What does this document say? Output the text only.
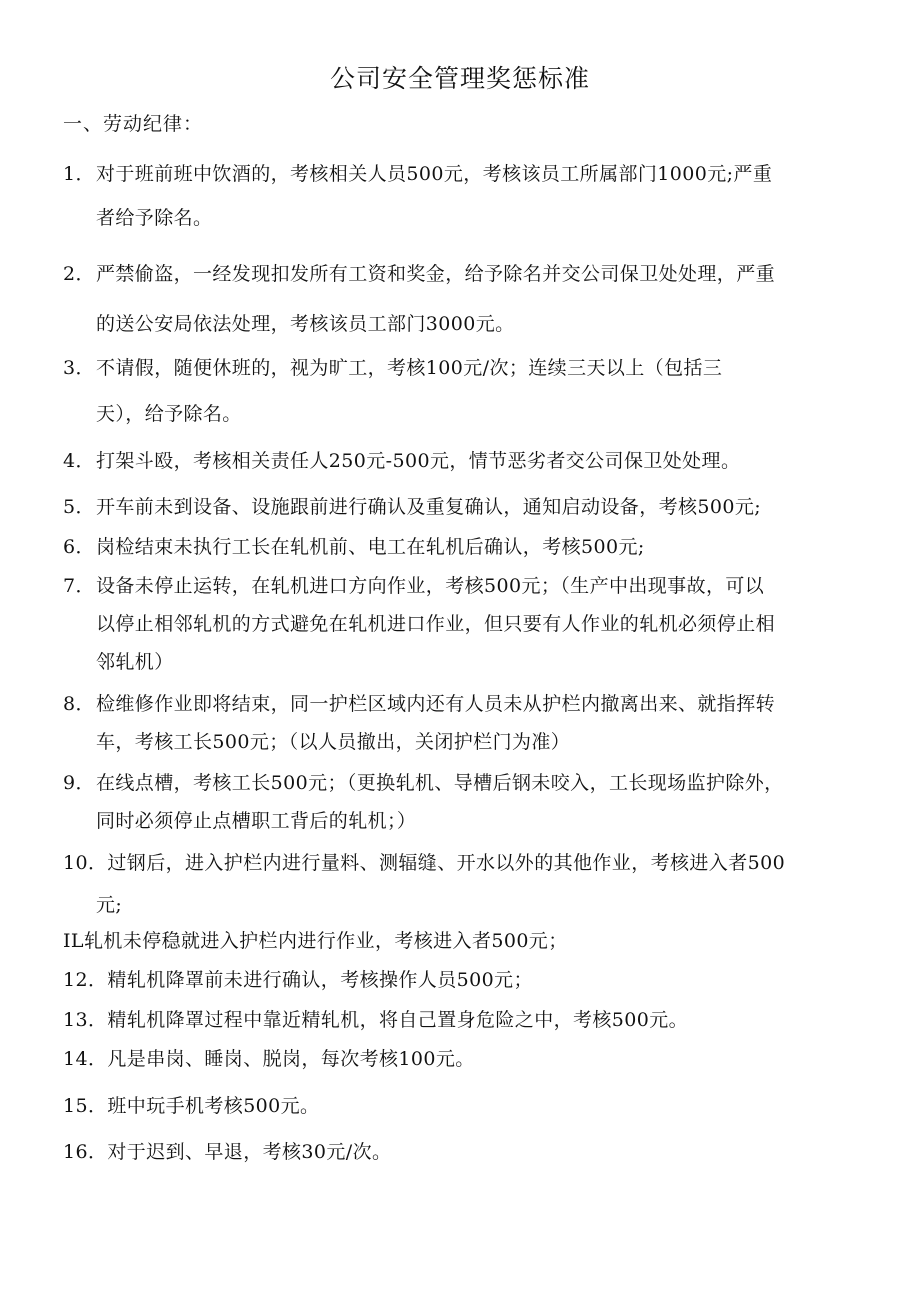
公司安全管理奖惩标准
一、劳动纪律：
1．对于班前班中饮酒的，考核相关人员500元，考核该员工所属部门1000元;严重
者给予除名。
2．严禁偷盗，一经发现扣发所有工资和奖金，给予除名并交公司保卫处处理，严重
的送公安局依法处理，考核该员工部门3000元。
3．不请假，随便休班的，视为旷工，考核100元/次；连续三天以上（包括三
天），给予除名。
4．打架斗殴，考核相关责任人250元-500元，情节恶劣者交公司保卫处处理。
5．开车前未到设备、设施跟前进行确认及重复确认，通知启动设备，考核500元;
6．岗检结束未执行工长在轧机前、电工在轧机后确认，考核500元;
7．设备未停止运转，在轧机进口方向作业，考核500元；（生产中出现事故，可以
以停止相邻轧机的方式避免在轧机进口作业，但只要有人作业的轧机必须停止相
邻轧机）
8．检维修作业即将结束，同一护栏区域内还有人员未从护栏内撤离出来、就指挥转
车，考核工长500元；（以人员撤出，关闭护栏门为准）
9．在线点槽，考核工长500元；（更换轧机、导槽后钢未咬入，工长现场监护除外，
同时必须停止点槽职工背后的轧机；）
10．过钢后，进入护栏内进行量料、测辐缝、开水以外的其他作业，考核进入者500
元;
IL轧机未停稳就进入护栏内进行作业，考核进入者500元；
12．精轧机降罩前未进行确认，考核操作人员500元；
13．精轧机降罩过程中靠近精轧机，将自己置身危险之中，考核500元。
14．凡是串岗、睡岗、脱岗，每次考核100元。
15．班中玩手机考核500元。
16．对于迟到、早退，考核30元/次。
